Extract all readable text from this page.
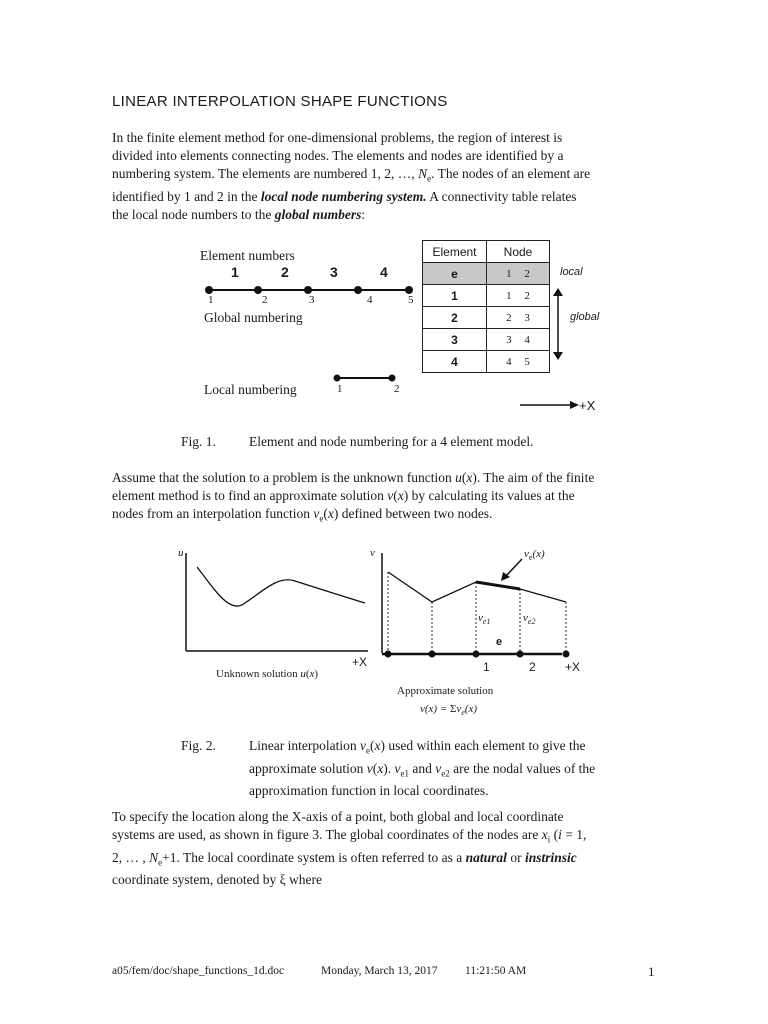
LINEAR INTERPOLATION SHAPE FUNCTIONS
In the finite element method for one-dimensional problems, the region of interest is
divided into elements connecting nodes. The elements and nodes are identified by a
numbering system. The elements are numbered 1, 2, …, $N_e$. The nodes of an element are
identified by 1 and 2 in the local node numbering system. A connectivity table relates
the local node numbers to the global numbers:
Element numbers
1	2	3	4
1	2	3	4	5
Global numbering
Local numbering	1	2
Element	Node
e	1 2
1	1 2
2	2 3
3	3 4
4	4 5
local
global
+X
Fig. 1. Element and node numbering for a 4 element model.
Assume that the solution to a problem is the unknown function u(x). The aim of the finite
element method is to find an approximate solution v(x) by calculating its values at the
nodes from an interpolation function $v_e(x)$ defined between two nodes.
u	v
+X
Unknown solution u(x)
$v_e(x)$
$v_{e1}$	$v_{e2}$
e
1	2 +X
Approximate solution
$v(x) = \Sigma v_e(x)$
Fig. 2. Linear interpolation $v_e(x)$ used within each element to give the
approximate solution v(x). $v_{e1}$ and $v_{e2}$ are the nodal values of the
approximation function in local coordinates.
To specify the location along the X-axis of a point, both global and local coordinate
systems are used, as shown in figure 3. The global coordinates of the nodes are $x_i$ (i = 1,
2, … , $N_e+1$. The local coordinate system is often referred to as a natural or instrinsic
coordinate system, denoted by ξ where
a05/fem/doc/shape_functions_1d.doc	Monday, March 13, 2017 11:21:50 AM	1
